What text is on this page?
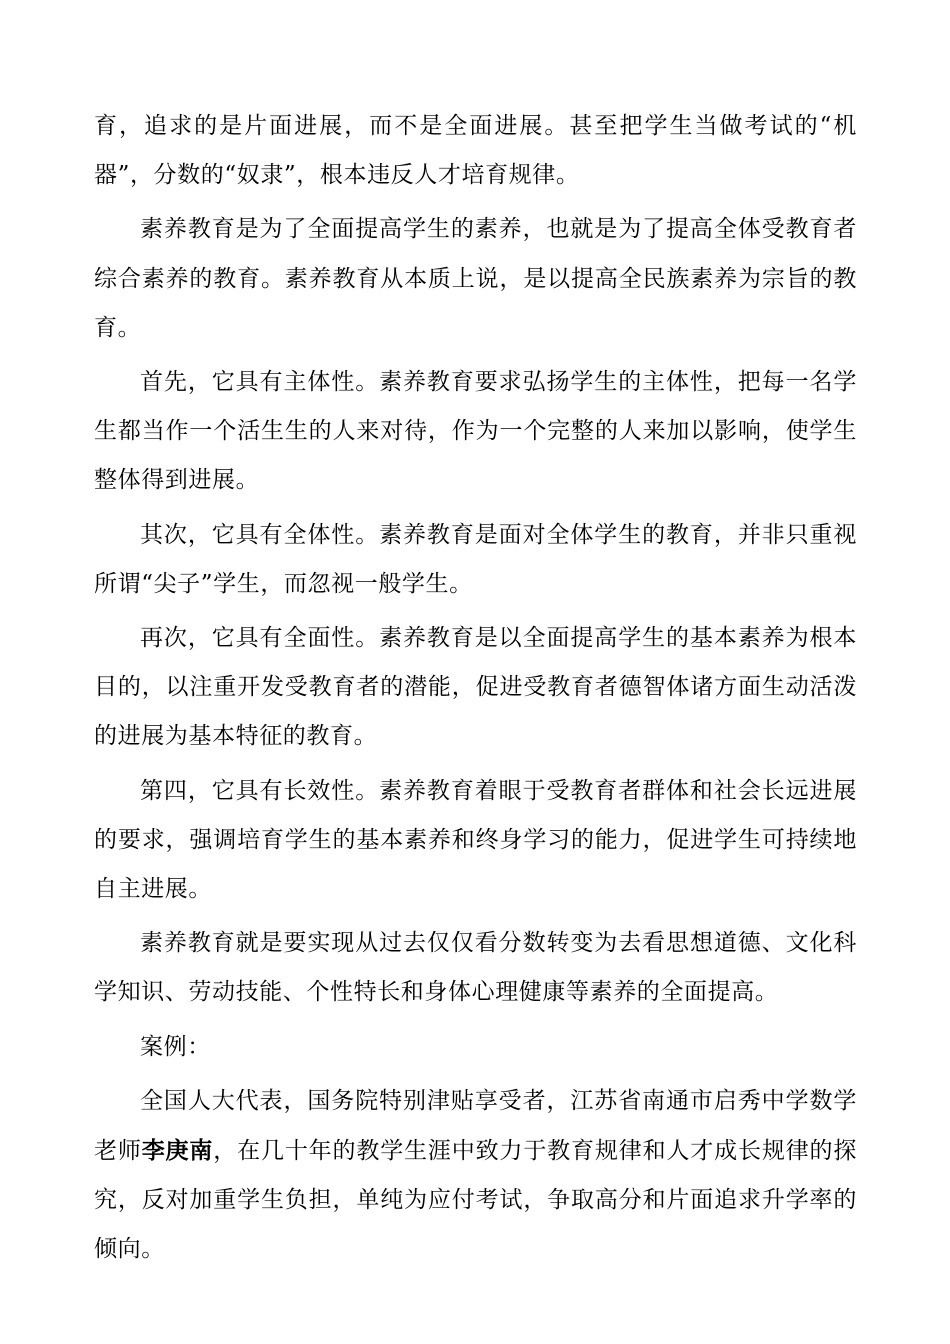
育，追求的是片面进展，而不是全面进展。甚至把学生当做考试的“机器”，分数的“奴隶”，根本违反人才培育规律。

素养教育是为了全面提高学生的素养，也就是为了提高全体受教育者综合素养的教育。素养教育从本质上说，是以提高全民族素养为宗旨的教育。

首先，它具有主体性。素养教育要求弘扬学生的主体性，把每一名学生都当作一个活生生的人来对待，作为一个完整的人来加以影响，使学生整体得到进展。

其次，它具有全体性。素养教育是面对全体学生的教育，并非只重视所谓“尖子”学生，而忽视一般学生。

再次，它具有全面性。素养教育是以全面提高学生的基本素养为根本目的，以注重开发受教育者的潜能，促进受教育者德智体诸方面生动活泼的进展为基本特征的教育。

第四，它具有长效性。素养教育着眼于受教育者群体和社会长远进展的要求，强调培育学生的基本素养和终身学习的能力，促进学生可持续地自主进展。

素养教育就是要实现从过去仅仅看分数转变为去看思想道德、文化科学知识、劳动技能、个性特长和身体心理健康等素养的全面提高。

案例：

全国人大代表，国务院特别津贴享受者，江苏省南通市启秀中学数学老师李庚南，在几十年的教学生涯中致力于教育规律和人才成长规律的探究，反对加重学生负担，单纯为应付考试，争取高分和片面追求升学率的倾向。
